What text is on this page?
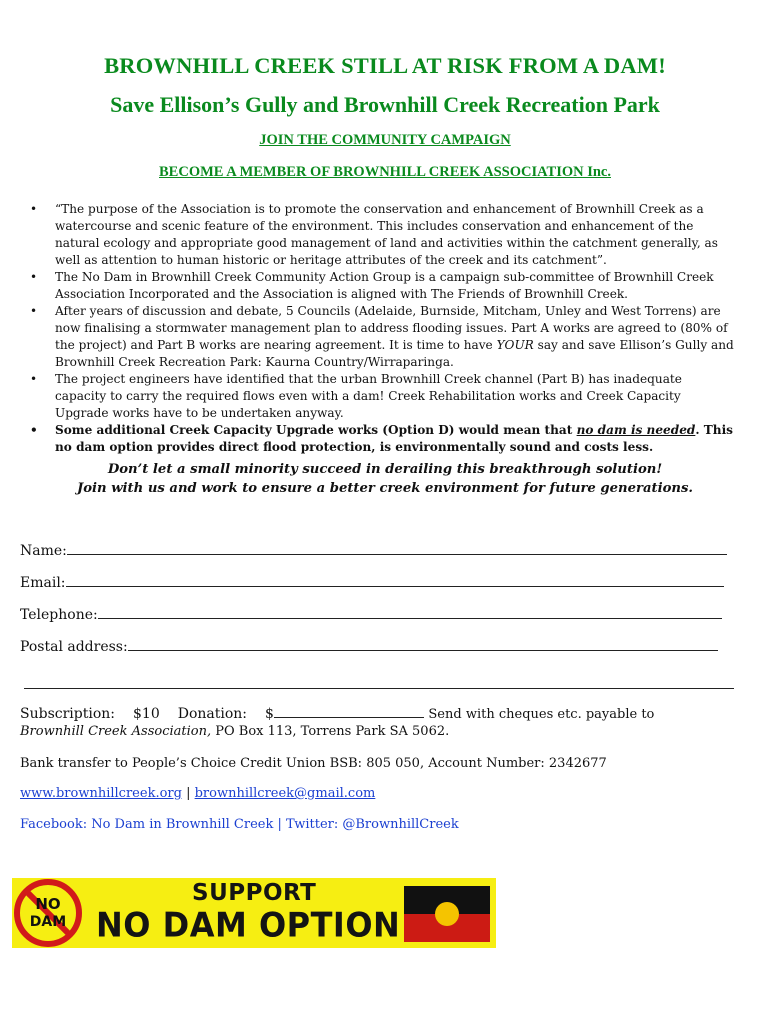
BROWNHILL CREEK STILL AT RISK FROM A DAM!
Save Ellison’s Gully and Brownhill Creek Recreation Park
JOIN THE COMMUNITY CAMPAIGN
BECOME A MEMBER OF BROWNHILL CREEK ASSOCIATION Inc.
• “The purpose of the Association is to promote the conservation and enhancement of Brownhill Creek as a watercourse and scenic feature of the environment. This includes conservation and enhancement of the natural ecology and appropriate good management of land and activities within the catchment generally, as well as attention to human historic or heritage attributes of the creek and its catchment”.
• The No Dam in Brownhill Creek Community Action Group is a campaign sub-committee of Brownhill Creek Association Incorporated and the Association is aligned with The Friends of Brownhill Creek.
• After years of discussion and debate, 5 Councils (Adelaide, Burnside, Mitcham, Unley and West Torrens) are now finalising a stormwater management plan to address flooding issues. Part A works are agreed to (80% of the project) and Part B works are nearing agreement. It is time to have YOUR say and save Ellison’s Gully and Brownhill Creek Recreation Park: Kaurna Country/Wirraparinga.
• The project engineers have identified that the urban Brownhill Creek channel (Part B) has inadequate capacity to carry the required flows even with a dam! Creek Rehabilitation works and Creek Capacity Upgrade works have to be undertaken anyway.
• Some additional Creek Capacity Upgrade works (Option D) would mean that no dam is needed. This no dam option provides direct flood protection, is environmentally sound and costs less.
Don’t let a small minority succeed in derailing this breakthrough solution!
Join with us and work to ensure a better creek environment for future generations.
Name:
Email:
Telephone:
Postal address:
Subscription: $10 Donation: $	Send with cheques etc. payable to
Brownhill Creek Association, PO Box 113, Torrens Park SA 5062.
Bank transfer to People’s Choice Credit Union BSB: 805 050, Account Number: 2342677
www.brownhillcreek.org | brownhillcreek@gmail.com
Facebook: No Dam in Brownhill Creek | Twitter: @BrownhillCreek
NO
DAM
SUPPORT
NO DAM OPTION
